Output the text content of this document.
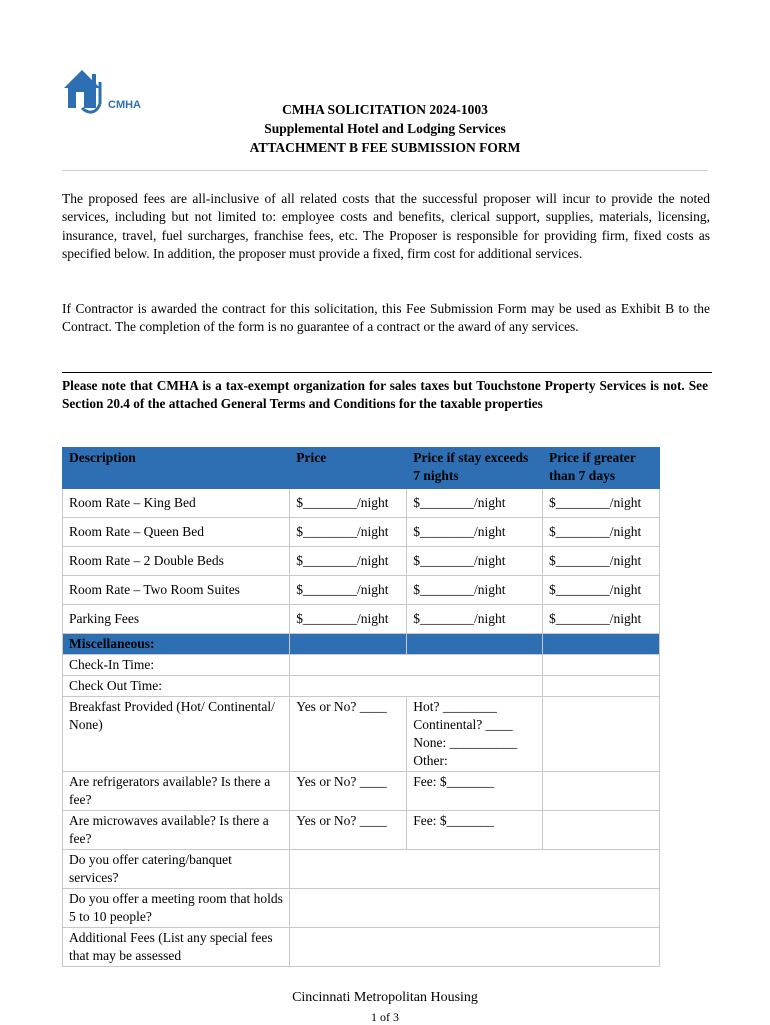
CMHA	CMHA SOLICITATION 2024-1003
Supplemental Hotel and Lodging Services
ATTACHMENT B FEE SUBMISSION FORM

The proposed fees are all-inclusive of all related costs that the successful proposer will incur to provide the noted services, including but not limited to: employee costs and benefits, clerical support, supplies, materials, licensing, insurance, travel, fuel surcharges, franchise fees, etc. The Proposer is responsible for providing firm, fixed costs as specified below. In addition, the proposer must provide a fixed, firm cost for additional services.

If Contractor is awarded the contract for this solicitation, this Fee Submission Form may be used as Exhibit B to the Contract. The completion of the form is no guarantee of a contract or the award of any services.

Please note that CMHA is a tax-exempt organization for sales taxes but Touchstone Property Services is not. See Section 20.4 of the attached General Terms and Conditions for the taxable properties

Description	Price	Price if stay exceeds 7 nights	Price if greater than 7 days
Room Rate – King Bed	$________/night	$________/night	$________/night
Room Rate – Queen Bed	$________/night	$________/night	$________/night
Room Rate – 2 Double Beds	$________/night	$________/night	$________/night
Room Rate – Two Room Suites	$________/night	$________/night	$________/night
Parking Fees	$________/night	$________/night	$________/night
Miscellaneous:			
Check-In Time:			
Check Out Time:			
Breakfast Provided (Hot/ Continental/ None)	Yes or No? ____	Hot? ________
Continental? ____
None: __________
Other:	

Are refrigerators available? Is there a fee?	Yes or No? ____	Fee: $_______	
Are microwaves available? Is there a fee?	Yes or No? ____	Fee: $_______	
Do you offer catering/banquet services?			
Do you offer a meeting room that holds 5 to 10 people?			
Additional Fees (List any special fees that may be assessed			
Cincinnati Metropolitan Housing
1 of 3
